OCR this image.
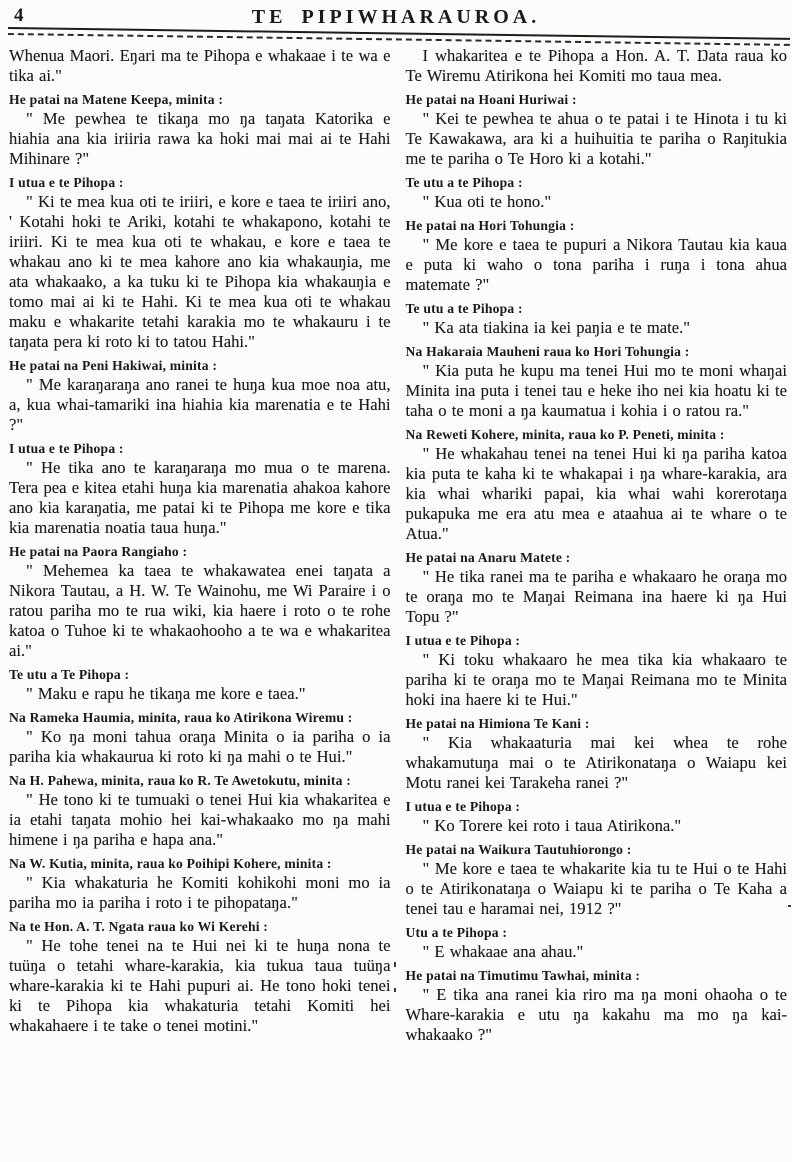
4	TE PIPIWHARAUROA.

Whenua Maori. Eŋari ma te Pihopa e whakaae i te wa e tika ai."

He patai na Matene Keepa, minita :

" Me pewhea te tikaŋa mo ŋa taŋata Katorika e hiahia ana kia iriiria rawa ka hoki mai mai ai te Hahi Mihinare ?"

I utua e te Pihopa :

" Ki te mea kua oti te iriiri, e kore e taea te iriiri ano, ' Kotahi hoki te Ariki, kotahi te whakapono, kotahi te iriiri. Ki te mea kua oti te whakau, e kore e taea te whakau ano ki te mea kahore ano kia whakauŋia, me ata whakaako, a ka tuku ki te Pihopa kia whakauŋia e tomo mai ai ki te Hahi. Ki te mea kua oti te whakau maku e whakarite tetahi karakia mo te whakauru i te taŋata pera ki roto ki to tatou Hahi."

He patai na Peni Hakiwai, minita :

" Me karaŋaraŋa ano ranei te huŋa kua moe noa atu, a, kua whai-tamariki ina hiahia kia marenatia e te Hahi ?"

I utua e te Pihopa :

" He tika ano te karaŋaraŋa mo mua o te marena. Tera pea e kitea etahi huŋa kia marenatia ahakoa kahore ano kia karaŋatia, me patai ki te Pihopa me kore e tika kia marenatia noatia taua huŋa."

He patai na Paora Rangiaho :

" Mehemea ka taea te whakawatea enei taŋata a Nikora Tautau, a H. W. Te Wainohu, me Wi Paraire i o ratou pariha mo te rua wiki, kia haere i roto o te rohe katoa o Tuhoe ki te whakaohooho a te wa e whakaritea ai."

Te utu a Te Pihopa :

" Maku e rapu he tikaŋa me kore e taea."

Na Rameka Haumia, minita, raua ko Atirikona Wiremu :

" Ko ŋa moni tahua oraŋa Minita o ia pariha o ia pariha kia whakaurua ki roto ki ŋa mahi o te Hui."

Na H. Pahewa, minita, raua ko R. Te Awetokutu, minita :

" He tono ki te tumuaki o tenei Hui kia whakaritea e ia etahi taŋata mohio hei kai-whakaako mo ŋa mahi himene i ŋa pariha e hapa ana."

Na W. Kutia, minita, raua ko Poihipi Kohere, minita :

" Kia whakaturia he Komiti kohikohi moni mo ia pariha mo ia pariha i roto i te pihopataŋa."

Na te Hon. A. T. Ngata raua ko Wi Kerehi :

" He tohe tenei na te Hui nei ki te huŋa nona te tuüŋa o tetahi whare-karakia, kia tukua taua tuüŋa whare-karakia ki te Hahi pupuri ai. He tono hoki tenei ki te Pihopa kia whakaturia tetahi Komiti hei whakahaere i te take o tenei motini."

I whakaritea e te Pihopa a Hon. A. T. Ŋata raua ko Te Wiremu Atirikona hei Komiti mo taua mea.

He patai na Hoani Huriwai :

" Kei te pewhea te ahua o te patai i te Hinota i tu ki Te Kawakawa, ara ki a huihuitia te pariha o Raŋitukia me te pariha o Te Horo ki a kotahi."

Te utu a te Pihopa :

" Kua oti te hono."

He patai na Hori Tohungia :

" Me kore e taea te pupuri a Nikora Tautau kia kaua e puta ki waho o tona pariha i ruŋa i tona ahua matemate ?"

Te utu a te Pihopa :

" Ka ata tiakina ia kei paŋia e te mate."

Na Hakaraia Mauheni raua ko Hori Tohungia :

" Kia puta he kupu ma tenei Hui mo te moni whaŋai Minita ina puta i tenei tau e heke iho nei kia hoatu ki te taha o te moni a ŋa kaumatua i kohia i o ratou ra."

Na Reweti Kohere, minita, raua ko P. Peneti, minita :

" He whakahau tenei na tenei Hui ki ŋa pariha katoa kia puta te kaha ki te whakapai i ŋa whare-karakia, ara kia whai whariki papai, kia whai wahi korerotaŋa pukapuka me era atu mea e ataahua ai te whare o te Atua."

He patai na Anaru Matete :

" He tika ranei ma te pariha e whakaaro he oraŋa mo te oraŋa mo te Maŋai Reimana ina haere ki ŋa Hui Topu ?"

I utua e te Pihopa :

" Ki toku whakaaro he mea tika kia whakaaro te pariha ki te oraŋa mo te Maŋai Reimana mo te Minita hoki ina haere ki te Hui."

He patai na Himiona Te Kani :

" Kia whakaaturia mai kei whea te rohe whakamutuŋa mai o te Atirikonataŋa o Waiapu kei Motu ranei kei Tarakeha ranei ?"

I utua e te Pihopa :

" Ko Torere kei roto i taua Atirikona."

He patai na Waikura Tautuhiorongo :

" Me kore e taea te whakarite kia tu te Hui o te Hahi o te Atirikonataŋa o Waiapu ki te pariha o Te Kaha a tenei tau e haramai nei, 1912 ?"

Utu a te Pihopa :

" E whakaae ana ahau."

He patai na Timutimu Tawhai, minita :

" E tika ana ranei kia riro ma ŋa moni ohaoha o te Whare-karakia e utu ŋa kakahu ma mo ŋa kai-whakaako ?"
